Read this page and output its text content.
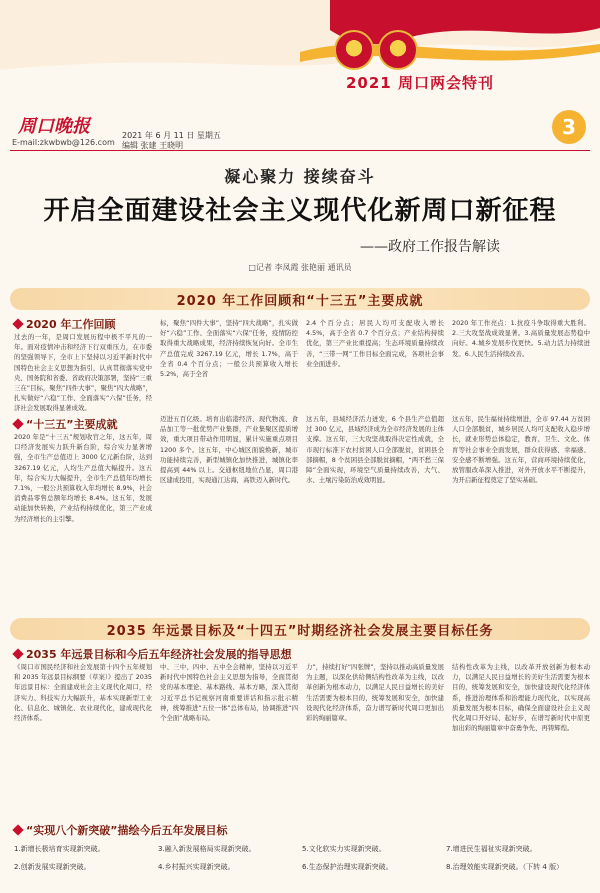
2021 周口两会特刊
周口晚报
E-mail:zkwbwb@126.com
2021 年 6 月 11 日 星期五
编辑 张建 王晓明
3
凝心聚力 接续奋斗
开启全面建设社会主义现代化新周口新征程
——政府工作报告解读
□记者 李凤霞 张艳丽 通讯员
2020 年工作回顾和“十三五”主要成就
2020 年工作回顾
过去的一年，是周口发展历程中极不平凡的一年。面对疫情冲击和经济下行双重压力，在市委的坚强领导下，全市上下坚持以习近平新时代中国特色社会主义思想为指引，认真贯彻落实党中央、国务院和省委、省政府决策部署，坚持“三重三在”目标，聚焦“四件大事”，聚焦“四大战略”，扎实做好“六稳”工作、全面落实“六保”任务，经济社会发展取得显著成效。
标，聚焦“四件大事”，坚持“四大战略”，扎实做好“六稳”工作、全面落实“六保”任务，疫情防控取得重大战略成果，经济持续恢复向好。全市生产总值完成 3267.19 亿元，增长 1.7%，高于全省 0.4 个百分点；一般公共预算收入增长 5.2%，高于全省
2.4 个百分点；居民人均可支配收入增长 4.5%，高于全省 0.7 个百分点；产业结构持续优化，第三产业比重提高；生态环境质量持续改善，“三带一网”工作目标全面完成，各项社会事业全面进步。
2020 年工作亮点：1.抗疫斗争取得重大胜利。2.三大攻坚战成效显著。3.高质量发展态势稳中向好。4.城乡发展步伐更快。5.动力活力持续迸发。6.人民生活持续改善。
“十三五”主要成就
2020 年是“十三五”规划收官之年，这五年，周口经济发展实力跃升新台阶，综合实力显著增强，全市生产总值迈上 3000 亿元新台阶，达到 3267.19 亿元，人均生产总值大幅提升。这五年，综合实力大幅提升，全市生产总值年均增长 7.1%，一般公共预算收入年均增长 8.9%，社会消费品零售总额年均增长 8.4%。这五年，发展动能加快转换，产业结构持续优化，第三产业成为经济增长的主引擎。
迈进五百亿级。培育出临港经济、现代物流、食品加工等一批优势产业集群，产业集聚区提质增效，重大项目带动作用明显，累计实施重点项目 1200 多个。这五年，中心城区面貌焕新，城市功能持续完善，新型城镇化加快推进，城镇化率提高到 44% 以上。交通枢纽地位凸显，周口港区建成投用，实现通江达海，高铁迈入新时代。
这五年，县域经济活力迸发，6 个县生产总值超过 300 亿元，县域经济成为全市经济发展的主体支撑。这五年，三大攻坚战取得决定性成就，全市现行标准下农村贫困人口全部脱贫，贫困县全部摘帽，8 个贫困县全部脱贫摘帽，“两不愁三保障”全面实现，环境空气质量持续改善，大气、水、土壤污染防治成效明显。
这五年，民生福祉持续增进，全市 97.44 万贫困人口全部脱贫，城乡居民人均可支配收入稳步增长，就业形势总体稳定，教育、卫生、文化、体育等社会事业全面发展，群众获得感、幸福感、安全感不断增强。这五年，营商环境持续优化，放管服改革深入推进，对外开放水平不断提升，为开启新征程奠定了坚实基础。
2035 年远景目标及“十四五”时期经济社会发展主要目标任务
2035 年远景目标和今后五年经济社会发展的指导思想
《周口市国民经济和社会发展第十四个五年规划和 2035 年远景目标纲要（草案）》提出了 2035 年远景目标：全面建成社会主义现代化周口，经济实力、科技实力大幅跃升，基本实现新型工业化、信息化、城镇化、农业现代化，建成现代化经济体系。
中、三中、四中、五中全会精神，坚持以习近平新时代中国特色社会主义思想为指导，全面贯彻党的基本理论、基本路线、基本方略，深入贯彻习近平总书记视察河南重要讲话和指示批示精神，统筹推进“五位一体”总体布局，协调推进“四个全面”战略布局。
力”，持续打好“四张牌”，坚持以推动高质量发展为主题，以深化供给侧结构性改革为主线，以改革创新为根本动力，以满足人民日益增长的美好生活需要为根本目的，统筹发展和安全，加快建设现代化经济体系，奋力谱写新时代周口更加出彩的绚丽篇章。
结构性改革为主线，以改革开放创新为根本动力，以满足人民日益增长的美好生活需要为根本目的，统筹发展和安全，加快建设现代化经济体系，推进治理体系和治理能力现代化，以实现高质量发展为根本目标，确保全面建设社会主义现代化周口开好局、起好步，在谱写新时代中原更加出彩的绚丽篇章中奋勇争先、再铸辉煌。
“实现八个新突破”描绘今后五年发展目标
1.新增长极培育实现新突破。	3.融入新发展格局实现新突破。	5.文化软实力实现新突破。	7.增进民生福祉实现新突破。
2.创新发展实现新突破。	4.乡村振兴实现新突破。	6.生态保护治理实现新突破。	8.治理效能实现新突破。（下转 4 版）
